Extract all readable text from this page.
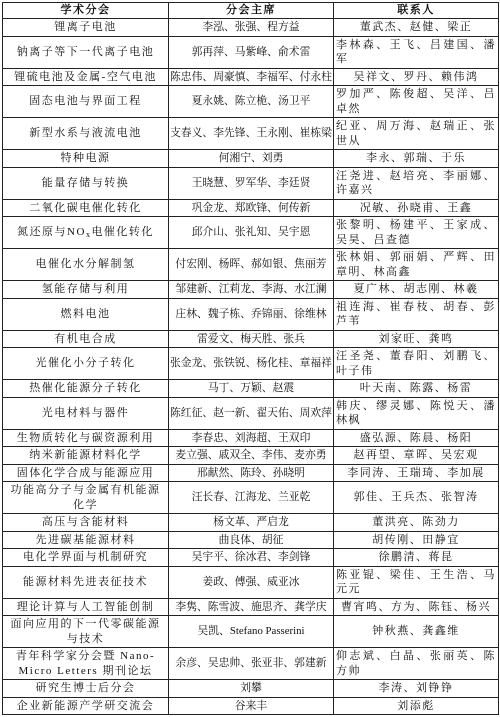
学术分会	分会主席	联系人
锂离子电池	李泓、张强、程方益	董武杰、赵健、梁正
钠离子等下一代离子电池	郭再萍、马紫峰、俞术雷	李林森、王飞、吕建国、潘军
锂硫电池及金属-空气电池	陈忠伟、周豪慎、李福军、付永柱	吴祥文、罗丹、赖伟鸿
固态电池与界面工程	夏永姚、陈立桅、汤卫平	罗加严、陈俊超、吴洋、吕卓然
新型水系与液流电池	支春义、李先锋、王永刚、崔栋梁	纪亚、周万海、赵瑞正、张世从
特种电源	何湘宁、刘勇	李永、郭瑞、于乐
能量存储与转换	王晓慧、罗军华、李廷贤	汪尧进、赵培亮、李丽娜、许嘉兴
二氧化碳电催化转化	巩金龙、郑欧锋、何传新	况敏、孙晓甫、王鑫
氮还原与$NO_x$电催化转化	邱介山、张礼知、吴宇恩	张黎明、杨建平、王家成、吴昊、吕查德
电催化水分解制氢	付宏刚、杨晖、郝如银、焦丽芳	张林娟、郭丽娟、严辉、田章明、林高鑫
氢能存储与利用	邹建新、江莉龙、李海、水江澜	夏广林、胡志刚、林羲
燃料电池	庄林、魏子栋、乔锦丽、徐维林	祖连海、崔春枝、胡春、彭芦苇
有机电合成	雷爱文、梅天胜、张兵	刘家旺、龚鸣
光催化小分子转化	张金龙、张铁锐、杨化桂、章福祥	汪圣尧、董春阳、刘鹏飞、叶子伟
热催化能源分子转化	马丁、万颖、赵震	叶天南、陈露、杨雷
光电材料与器件	陈红征、赵一新、翟天佑、周欢萍	韩庆、缪灵娜、陈悦天、潘林枫
生物质转化与碳资源利用	李春忠、刘海超、王双印	盛弘源、陈晨、杨阳
纳米新能源材料化学	麦立强、戚双全、李伟、麦亦勇	赵再望、章晖、吴宏观
固体化学合成与能源应用	邢献然、陈玲、孙晓明	李同涛、王瑞琦、李加展
功能高分子与金属有机能源化学	汪长春、江海龙、兰亚乾	郭佳、王兵杰、张智涛
高压与含能材料	杨文革、严启龙	董洪亮、陈劲力
先进碳基能源材料	曲良体、胡征	胡传刚、田静宜
电化学界面与机制研究	吴宇平、徐冰君、李剑锋	徐鹏清、蒋昆
能源材料先进表征技术	姜政、傅强、威亚冰	陈亚锟、梁佳、王生浩、马元元
理论计算与人工智能创制	李隽、陈雪波、施思齐、龚学庆	曹宵鸣、方为、陈钰、杨兴
面向应用的下一代零碳能源与技术	吴凯、Stefano Passerini	钟秋燕、龚鑫维
青年科学家分会暨 Nano-Micro Letters 期刊论坛	余彦、吴忠帅、张亚非、郭建新	仰志斌、白晶、张丽英、陈方帅
研究生博士后分会	刘攀	李涛、刘铮铮
企业新能源产学研交流会	谷来丰	刘添彪
